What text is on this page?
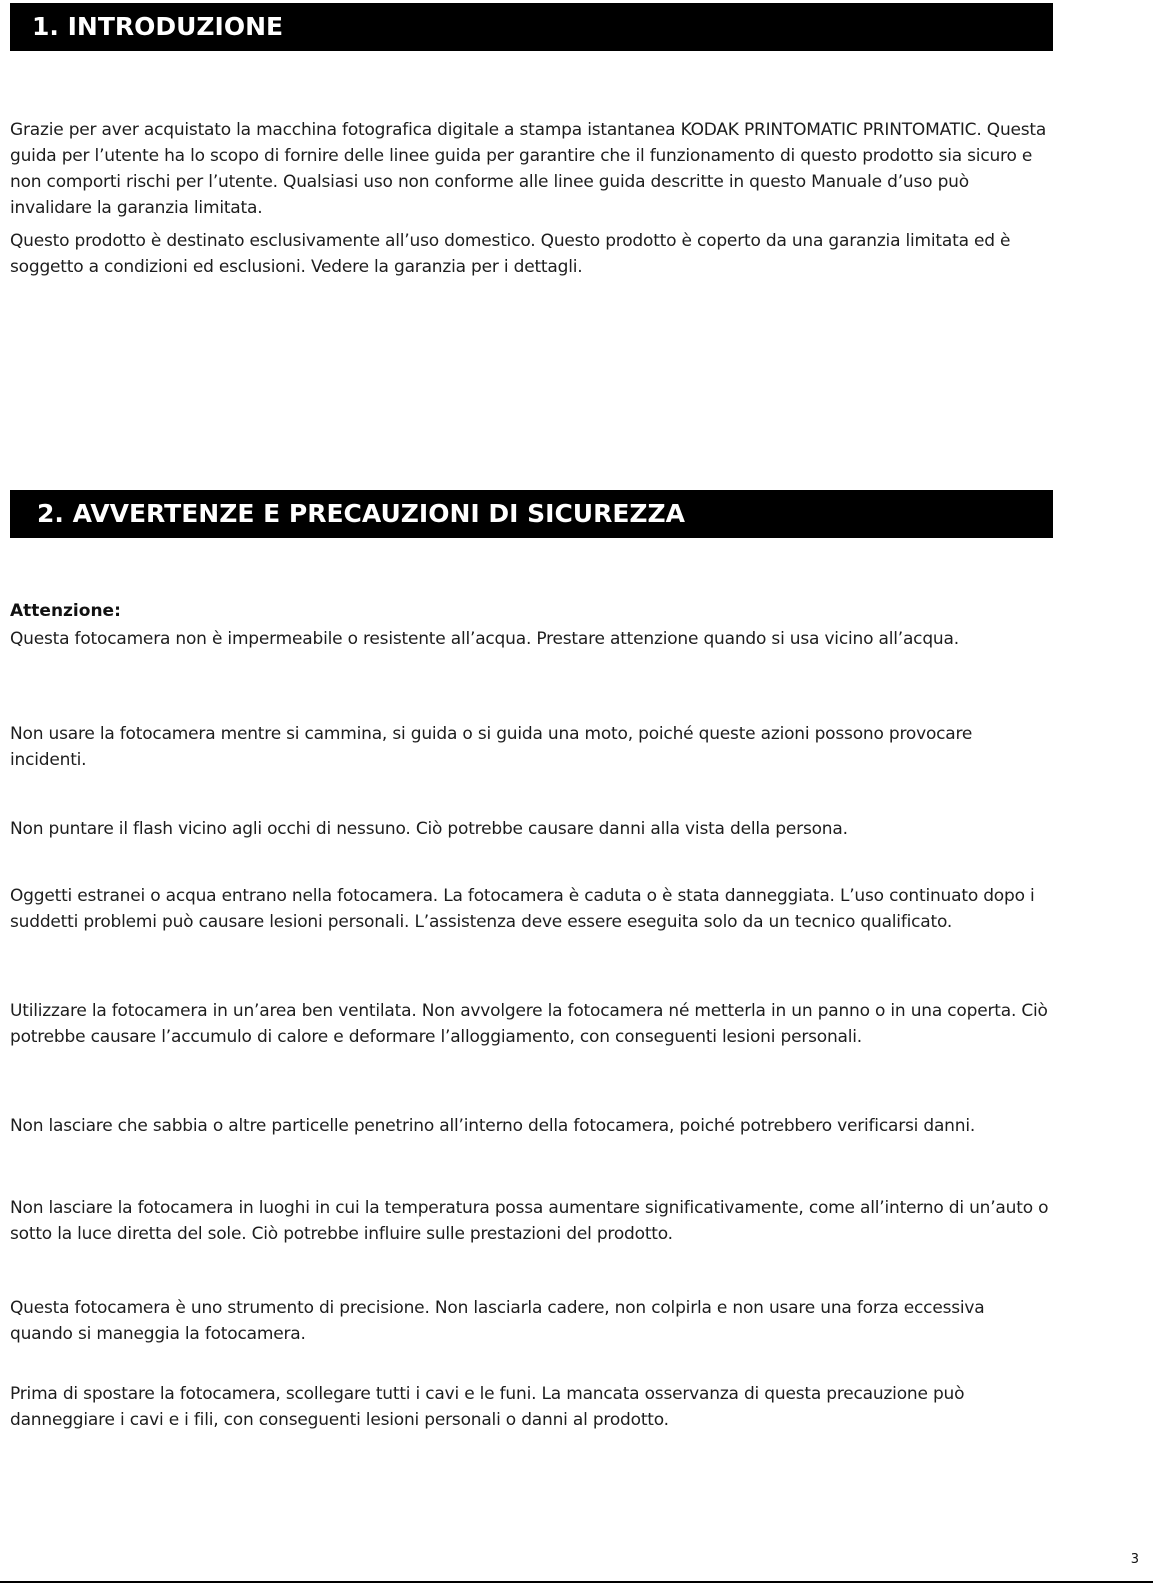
1. INTRODUZIONE

Grazie per aver acquistato la macchina fotografica digitale a stampa istantanea KODAK PRINTOMATIC PRINTOMATIC. Questa guida per l’utente ha lo scopo di fornire delle linee guida per garantire che il funzionamento di questo prodotto sia sicuro e non comporti rischi per l’utente. Qualsiasi uso non conforme alle linee guida descritte in questo Manuale d’uso può invalidare la garanzia limitata.

Questo prodotto è destinato esclusivamente all’uso domestico. Questo prodotto è coperto da una garanzia limitata ed è soggetto a condizioni ed esclusioni. Vedere la garanzia per i dettagli.

2. AVVERTENZE E PRECAUZIONI DI SICUREZZA
Attenzione:

Questa fotocamera non è impermeabile o resistente all’acqua. Prestare attenzione quando si usa vicino all’acqua.

Non usare la fotocamera mentre si cammina, si guida o si guida una moto, poiché queste azioni possono provocare incidenti.

Non puntare il flash vicino agli occhi di nessuno. Ciò potrebbe causare danni alla vista della persona.

Oggetti estranei o acqua entrano nella fotocamera. La fotocamera è caduta o è stata danneggiata. L’uso continuato dopo i suddetti problemi può causare lesioni personali. L’assistenza deve essere eseguita solo da un tecnico qualificato.

Utilizzare la fotocamera in un’area ben ventilata. Non avvolgere la fotocamera né metterla in un panno o in una coperta. Ciò potrebbe causare l’accumulo di calore e deformare l’alloggiamento, con conseguenti lesioni personali.

Non lasciare che sabbia o altre particelle penetrino all’interno della fotocamera, poiché potrebbero verificarsi danni.

Non lasciare la fotocamera in luoghi in cui la temperatura possa aumentare significativamente, come all’interno di un’auto o sotto la luce diretta del sole. Ciò potrebbe influire sulle prestazioni del prodotto.

Questa fotocamera è uno strumento di precisione. Non lasciarla cadere, non colpirla e non usare una forza eccessiva quando si maneggia la fotocamera.

Prima di spostare la fotocamera, scollegare tutti i cavi e le funi. La mancata osservanza di questa precauzione può danneggiare i cavi e i fili, con conseguenti lesioni personali o danni al prodotto.

3
